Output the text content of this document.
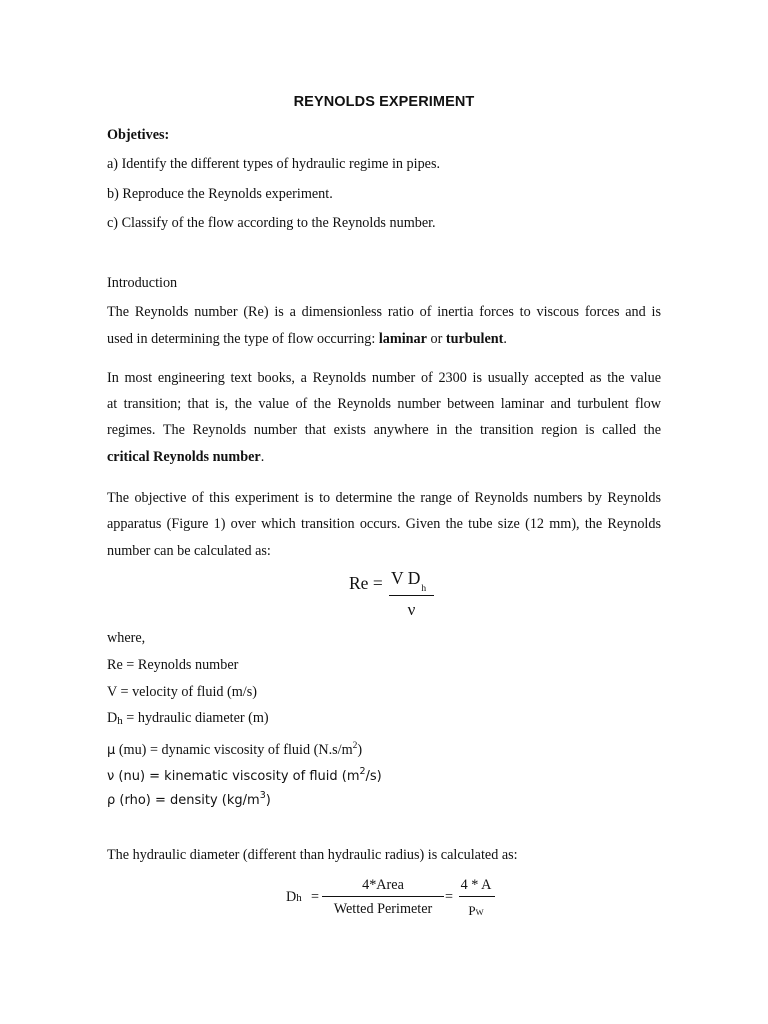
REYNOLDS EXPERIMENT
Objetives:
a) Identify the different types of hydraulic regime in pipes.
b) Reproduce the Reynolds experiment.
c) Classify of the flow according to the Reynolds number.
Introduction
The Reynolds number (Re) is a dimensionless ratio of inertia forces to viscous forces and is
used in determining the type of flow occurring: laminar or turbulent.
In most engineering text books, a Reynolds number of 2300 is usually accepted as the value
at transition; that is, the value of the Reynolds number between laminar and turbulent flow
regimes. The Reynolds number that exists anywhere in the transition region is called the
critical Reynolds number.
The objective of this experiment is to determine the range of Reynolds numbers by Reynolds
apparatus (Figure 1) over which transition occurs. Given the tube size (12 mm), the Reynolds
number can be calculated as:
Re = V $D_h$
ν
where,
Re = Reynolds number
V = velocity of fluid (m/s)
Dh = hydraulic diameter (m)
μ (mu) = dynamic viscosity of fluid $(N.s/m^2)$
ν (nu) = kinematic viscosity of fluid $(m^2/s)$
ρ (rho) = density $(kg/m^3)$
The hydraulic diameter (different than hydraulic radius) is calculated as:
Dh =
4*Area
Wetted Perimeter
=
4 * A
PW
